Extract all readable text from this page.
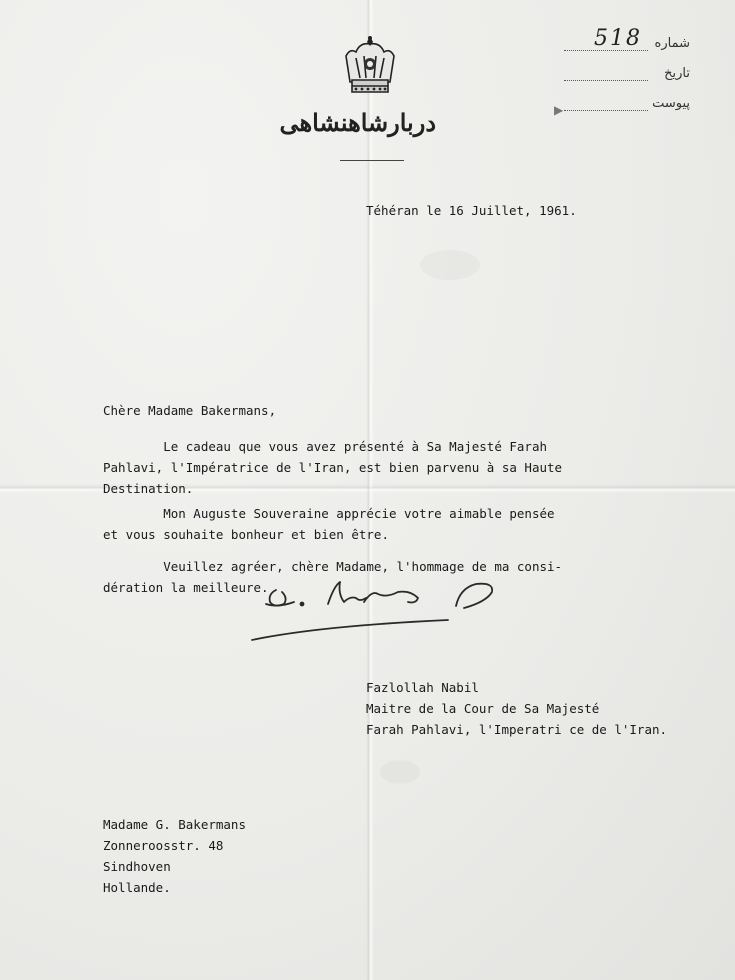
دربارشاهنشاهی
518 شماره
تاریخ
▶	پیوست
Téhéran le 16 Juillet, 1961.
Chère Madame Bakermans,
Le cadeau que vous avez présenté à Sa Majesté Farah
Pahlavi, l'Impératrice de l'Iran, est bien parvenu à sa Haute
Destination.
Mon Auguste Souveraine apprécie votre aimable pensée
et vous souhaite bonheur et bien être.
Veuillez agréer, chère Madame, l'hommage de ma consi-
dération la meilleure.
Fazlollah Nabil
Maitre de la Cour de Sa Majesté
Farah Pahlavi, l'Imperatri ce de l'Iran.
Madame G. Bakermans
Zonneroosstr. 48
Sindhoven
Hollande.
